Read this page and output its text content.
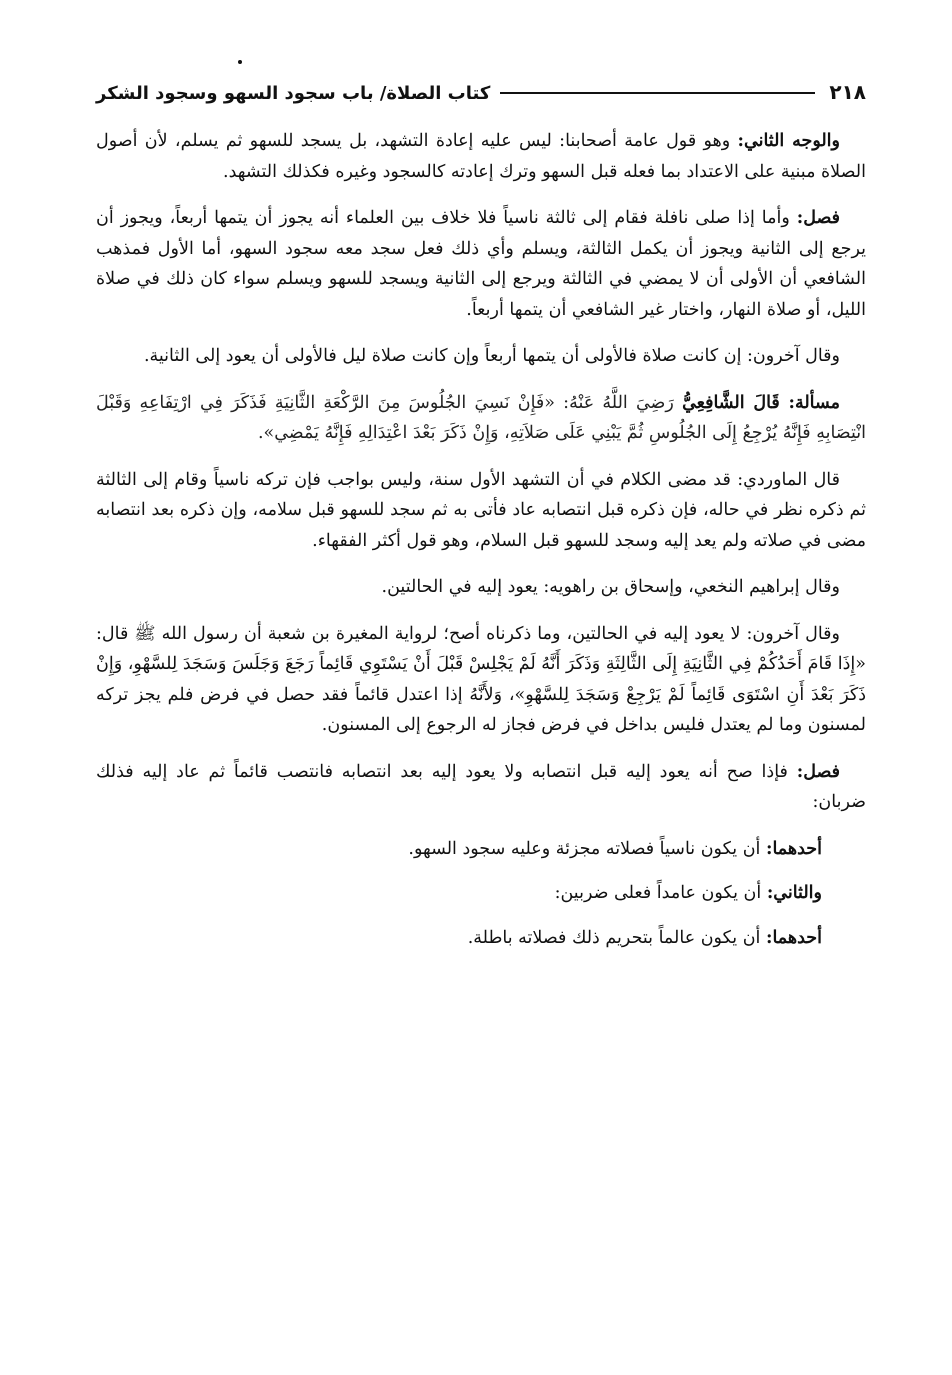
٢١٨
كتاب الصلاة/ باب سجود السهو وسجود الشكر

والوجه الثاني: وهو قول عامة أصحابنا: ليس عليه إعادة التشهد، بل يسجد للسهو ثم يسلم، لأن أصول الصلاة مبنية على الاعتداد بما فعله قبل السهو وترك إعادته كالسجود وغيره فكذلك التشهد.

فصل: وأما إذا صلى نافلة فقام إلى ثالثة ناسياً فلا خلاف بين العلماء أنه يجوز أن يتمها أربعاً، ويجوز أن يرجع إلى الثانية ويجوز أن يكمل الثالثة، ويسلم وأي ذلك فعل سجد معه سجود السهو، أما الأول فمذهب الشافعي أن الأولى أن لا يمضي في الثالثة ويرجع إلى الثانية ويسجد للسهو ويسلم سواء كان ذلك في صلاة الليل، أو صلاة النهار، واختار غير الشافعي أن يتمها أربعاً.

وقال آخرون: إن كانت صلاة فالأولى أن يتمها أربعاً وإن كانت صلاة ليل فالأولى أن يعود إلى الثانية.

مسألة: قَالَ الشَّافِعِيُّ رَضِيَ اللَّهُ عَنْهُ: «فَإِنْ نَسِيَ الجُلُوسَ مِنَ الرَّكْعَةِ الثَّانِيَةِ فَذَكَرَ فِي ارْتِفَاعِهِ وَقَبْلَ انْتِصَابِهِ فَإِنَّهُ يُرْجِعُ إِلَى الجُلُوسِ ثُمَّ يَبْنِي عَلَى صَلاَتِهِ، وَإِنْ ذَكَرَ بَعْدَ اعْتِدَالِهِ فَإِنَّهُ يَمْضِي».

قال الماوردي: قد مضى الكلام في أن التشهد الأول سنة، وليس بواجب فإن تركه ناسياً وقام إلى الثالثة ثم ذكره نظر في حاله، فإن ذكره قبل انتصابه عاد فأتى به ثم سجد للسهو قبل سلامه، وإن ذكره بعد انتصابه مضى في صلاته ولم يعد إليه وسجد للسهو قبل السلام، وهو قول أكثر الفقهاء.

وقال إبراهيم النخعي، وإسحاق بن راهويه: يعود إليه في الحالتين.

وقال آخرون: لا يعود إليه في الحالتين، وما ذكرناه أصح؛ لرواية المغيرة بن شعبة أن رسول الله ﷺ قال: «إِذَا قَامَ أَحَدُكُمْ فِي الثَّانِيَةِ إِلَى الثَّالِثَةِ وَذَكَرَ أَنَّهُ لَمْ يَجْلِسْ قَبْلَ أَنْ يَسْتَوِي قَائِماً رَجَعَ وَجَلَسَ وَسَجَدَ لِلسَّهْوِ، وَإِنْ ذَكَرَ بَعْدَ أَنِ اسْتَوَى قَائِماً لَمْ يَرْجِعْ وَسَجَدَ لِلسَّهْوِ»، وَلأَنَّهُ إذا اعتدل قائماً فقد حصل في فرض فلم يجز تركه لمسنون وما لم يعتدل فليس بداخل في فرض فجاز له الرجوع إلى المسنون.

فصل: فإذا صح أنه يعود إليه قبل انتصابه ولا يعود إليه بعد انتصابه فانتصب قائماً ثم عاد إليه فذلك ضربان:

أحدهما: أن يكون ناسياً فصلاته مجزئة وعليه سجود السهو.

والثاني: أن يكون عامداً فعلى ضربين:

أحدهما: أن يكون عالماً بتحريم ذلك فصلاته باطلة.
